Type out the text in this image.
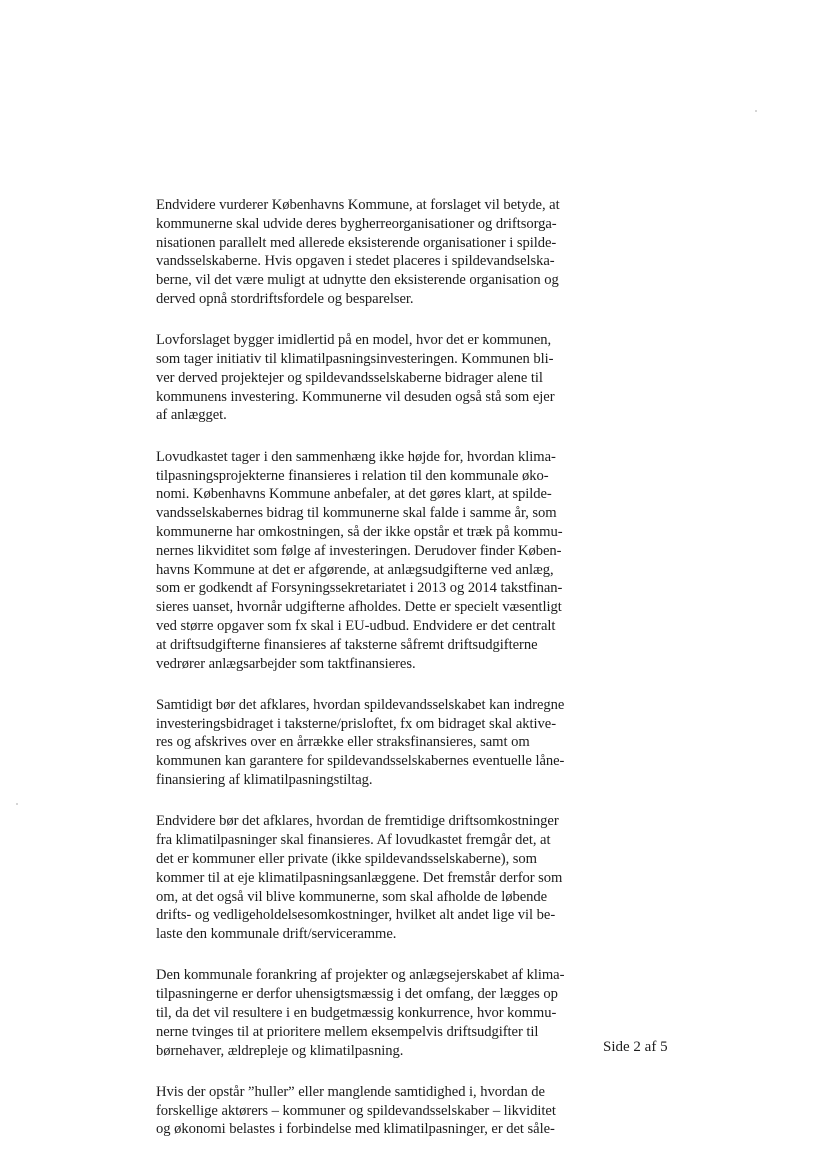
Endvidere vurderer Københavns Kommune, at forslaget vil betyde, at
kommunerne skal udvide deres bygherreorganisationer og driftsorga-
nisationen parallelt med allerede eksisterende organisationer i spilde-
vandsselskaberne. Hvis opgaven i stedet placeres i spildevandselska-
berne, vil det være muligt at udnytte den eksisterende organisation og
derved opnå stordriftsfordele og besparelser.

Lovforslaget bygger imidlertid på en model, hvor det er kommunen,
som tager initiativ til klimatilpasningsinvesteringen. Kommunen bli-
ver derved projektejer og spildevandsselskaberne bidrager alene til
kommunens investering. Kommunerne vil desuden også stå som ejer
af anlægget.

Lovudkastet tager i den sammenhæng ikke højde for, hvordan klima-
tilpasningsprojekterne finansieres i relation til den kommunale øko-
nomi. Københavns Kommune anbefaler, at det gøres klart, at spilde-
vandsselskabernes bidrag til kommunerne skal falde i samme år, som
kommunerne har omkostningen, så der ikke opstår et træk på kommu-
nernes likviditet som følge af investeringen. Derudover finder Køben-
havns Kommune at det er afgørende, at anlægsudgifterne ved anlæg,
som er godkendt af Forsyningssekretariatet i 2013 og 2014 takstfinan-
sieres uanset, hvornår udgifterne afholdes. Dette er specielt væsentligt
ved større opgaver som fx skal i EU-udbud. Endvidere er det centralt
at driftsudgifterne finansieres af taksterne såfremt driftsudgifterne
vedrører anlægsarbejder som taktfinansieres.

Samtidigt bør det afklares, hvordan spildevandsselskabet kan indregne
investeringsbidraget i taksterne/prisloftet, fx om bidraget skal aktive-
res og afskrives over en årrække eller straksfinansieres, samt om
kommunen kan garantere for spildevandsselskabernes eventuelle låne-
finansiering af klimatilpasningstiltag.

Endvidere bør det afklares, hvordan de fremtidige driftsomkostninger
fra klimatilpasninger skal finansieres. Af lovudkastet fremgår det, at
det er kommuner eller private (ikke spildevandsselskaberne), som
kommer til at eje klimatilpasningsanlæggene. Det fremstår derfor som
om, at det også vil blive kommunerne, som skal afholde de løbende
drifts- og vedligeholdelsesomkostninger, hvilket alt andet lige vil be-
laste den kommunale drift/serviceramme.

Den kommunale forankring af projekter og anlægsejerskabet af klima-
tilpasningerne er derfor uhensigtsmæssig i det omfang, der lægges op
til, da det vil resultere i en budgetmæssig konkurrence, hvor kommu-
nerne tvinges til at prioritere mellem eksempelvis driftsudgifter til
børnehaver, ældrepleje og klimatilpasning.

Hvis der opstår ”huller” eller manglende samtidighed i, hvordan de
forskellige aktørers – kommuner og spildevandsselskaber – likviditet
og økonomi belastes i forbindelse med klimatilpasninger, er det såle-

Side 2 af 5
